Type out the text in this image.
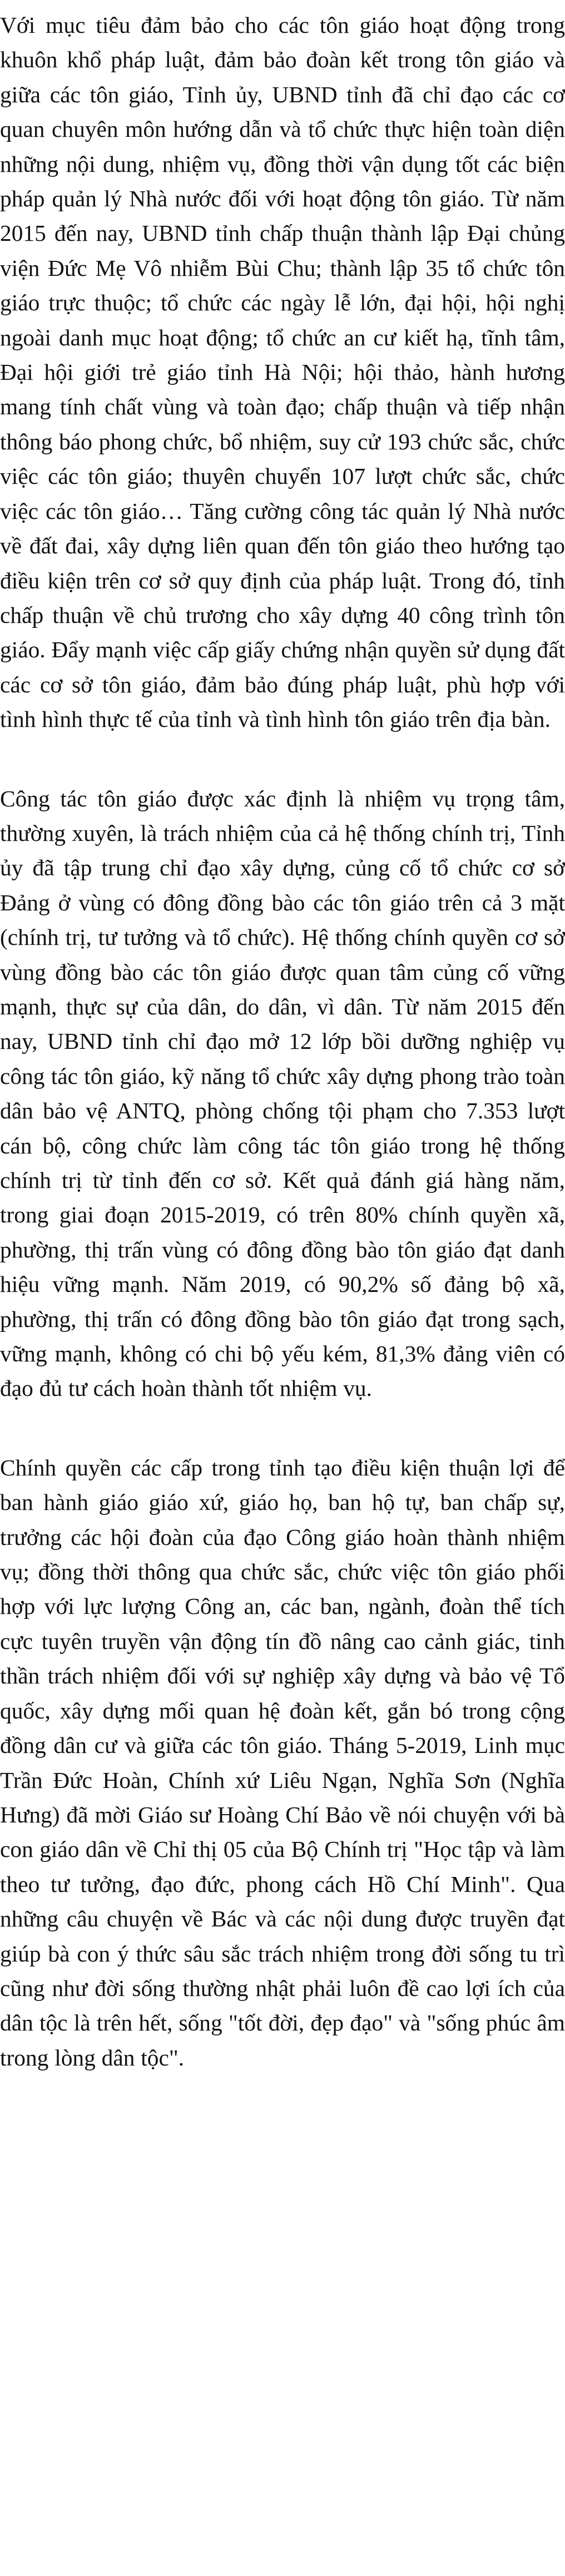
Với mục tiêu đảm bảo cho các tôn giáo hoạt động trong khuôn khổ pháp luật, đảm bảo đoàn kết trong tôn giáo và giữa các tôn giáo, Tỉnh ủy, UBND tỉnh đã chỉ đạo các cơ quan chuyên môn hướng dẫn và tổ chức thực hiện toàn diện những nội dung, nhiệm vụ, đồng thời vận dụng tốt các biện pháp quản lý Nhà nước đối với hoạt động tôn giáo. Từ năm 2015 đến nay, UBND tỉnh chấp thuận thành lập Đại chủng viện Đức Mẹ Vô nhiễm Bùi Chu; thành lập 35 tổ chức tôn giáo trực thuộc; tổ chức các ngày lễ lớn, đại hội, hội nghị ngoài danh mục hoạt động; tổ chức an cư kiết hạ, tĩnh tâm, Đại hội giới trẻ giáo tỉnh Hà Nội; hội thảo, hành hương mang tính chất vùng và toàn đạo; chấp thuận và tiếp nhận thông báo phong chức, bổ nhiệm, suy cử 193 chức sắc, chức việc các tôn giáo; thuyên chuyển 107 lượt chức sắc, chức việc các tôn giáo… Tăng cường công tác quản lý Nhà nước về đất đai, xây dựng liên quan đến tôn giáo theo hướng tạo điều kiện trên cơ sở quy định của pháp luật. Trong đó, tỉnh chấp thuận về chủ trương cho xây dựng 40 công trình tôn giáo. Đẩy mạnh việc cấp giấy chứng nhận quyền sử dụng đất các cơ sở tôn giáo, đảm bảo đúng pháp luật, phù hợp với tình hình thực tế của tỉnh và tình hình tôn giáo trên địa bàn.

Công tác tôn giáo được xác định là nhiệm vụ trọng tâm, thường xuyên, là trách nhiệm của cả hệ thống chính trị, Tỉnh ủy đã tập trung chỉ đạo xây dựng, củng cố tổ chức cơ sở Đảng ở vùng có đông đồng bào các tôn giáo trên cả 3 mặt (chính trị, tư tưởng và tổ chức). Hệ thống chính quyền cơ sở vùng đồng bào các tôn giáo được quan tâm củng cố vững mạnh, thực sự của dân, do dân, vì dân. Từ năm 2015 đến nay, UBND tỉnh chỉ đạo mở 12 lớp bồi dưỡng nghiệp vụ công tác tôn giáo, kỹ năng tổ chức xây dựng phong trào toàn dân bảo vệ ANTQ, phòng chống tội phạm cho 7.353 lượt cán bộ, công chức làm công tác tôn giáo trong hệ thống chính trị từ tỉnh đến cơ sở. Kết quả đánh giá hàng năm, trong giai đoạn 2015-2019, có trên 80% chính quyền xã, phường, thị trấn vùng có đông đồng bào tôn giáo đạt danh hiệu vững mạnh. Năm 2019, có 90,2% số đảng bộ xã, phường, thị trấn có đông đồng bào tôn giáo đạt trong sạch, vững mạnh, không có chi bộ yếu kém, 81,3% đảng viên có đạo đủ tư cách hoàn thành tốt nhiệm vụ.

Chính quyền các cấp trong tỉnh tạo điều kiện thuận lợi để ban hành giáo giáo xứ, giáo họ, ban hộ tự, ban chấp sự, trưởng các hội đoàn của đạo Công giáo hoàn thành nhiệm vụ; đồng thời thông qua chức sắc, chức việc tôn giáo phối hợp với lực lượng Công an, các ban, ngành, đoàn thể tích cực tuyên truyền vận động tín đồ nâng cao cảnh giác, tinh thần trách nhiệm đối với sự nghiệp xây dựng và bảo vệ Tổ quốc, xây dựng mối quan hệ đoàn kết, gắn bó trong cộng đồng dân cư và giữa các tôn giáo. Tháng 5-2019, Linh mục Trần Đức Hoàn, Chính xứ Liêu Ngạn, Nghĩa Sơn (Nghĩa Hưng) đã mời Giáo sư Hoàng Chí Bảo về nói chuyện với bà con giáo dân về Chỉ thị 05 của Bộ Chính trị "Học tập và làm theo tư tưởng, đạo đức, phong cách Hồ Chí Minh". Qua những câu chuyện về Bác và các nội dung được truyền đạt giúp bà con ý thức sâu sắc trách nhiệm trong đời sống tu trì cũng như đời sống thường nhật phải luôn đề cao lợi ích của dân tộc là trên hết, sống "tốt đời, đẹp đạo" và "sống phúc âm trong lòng dân tộc".
